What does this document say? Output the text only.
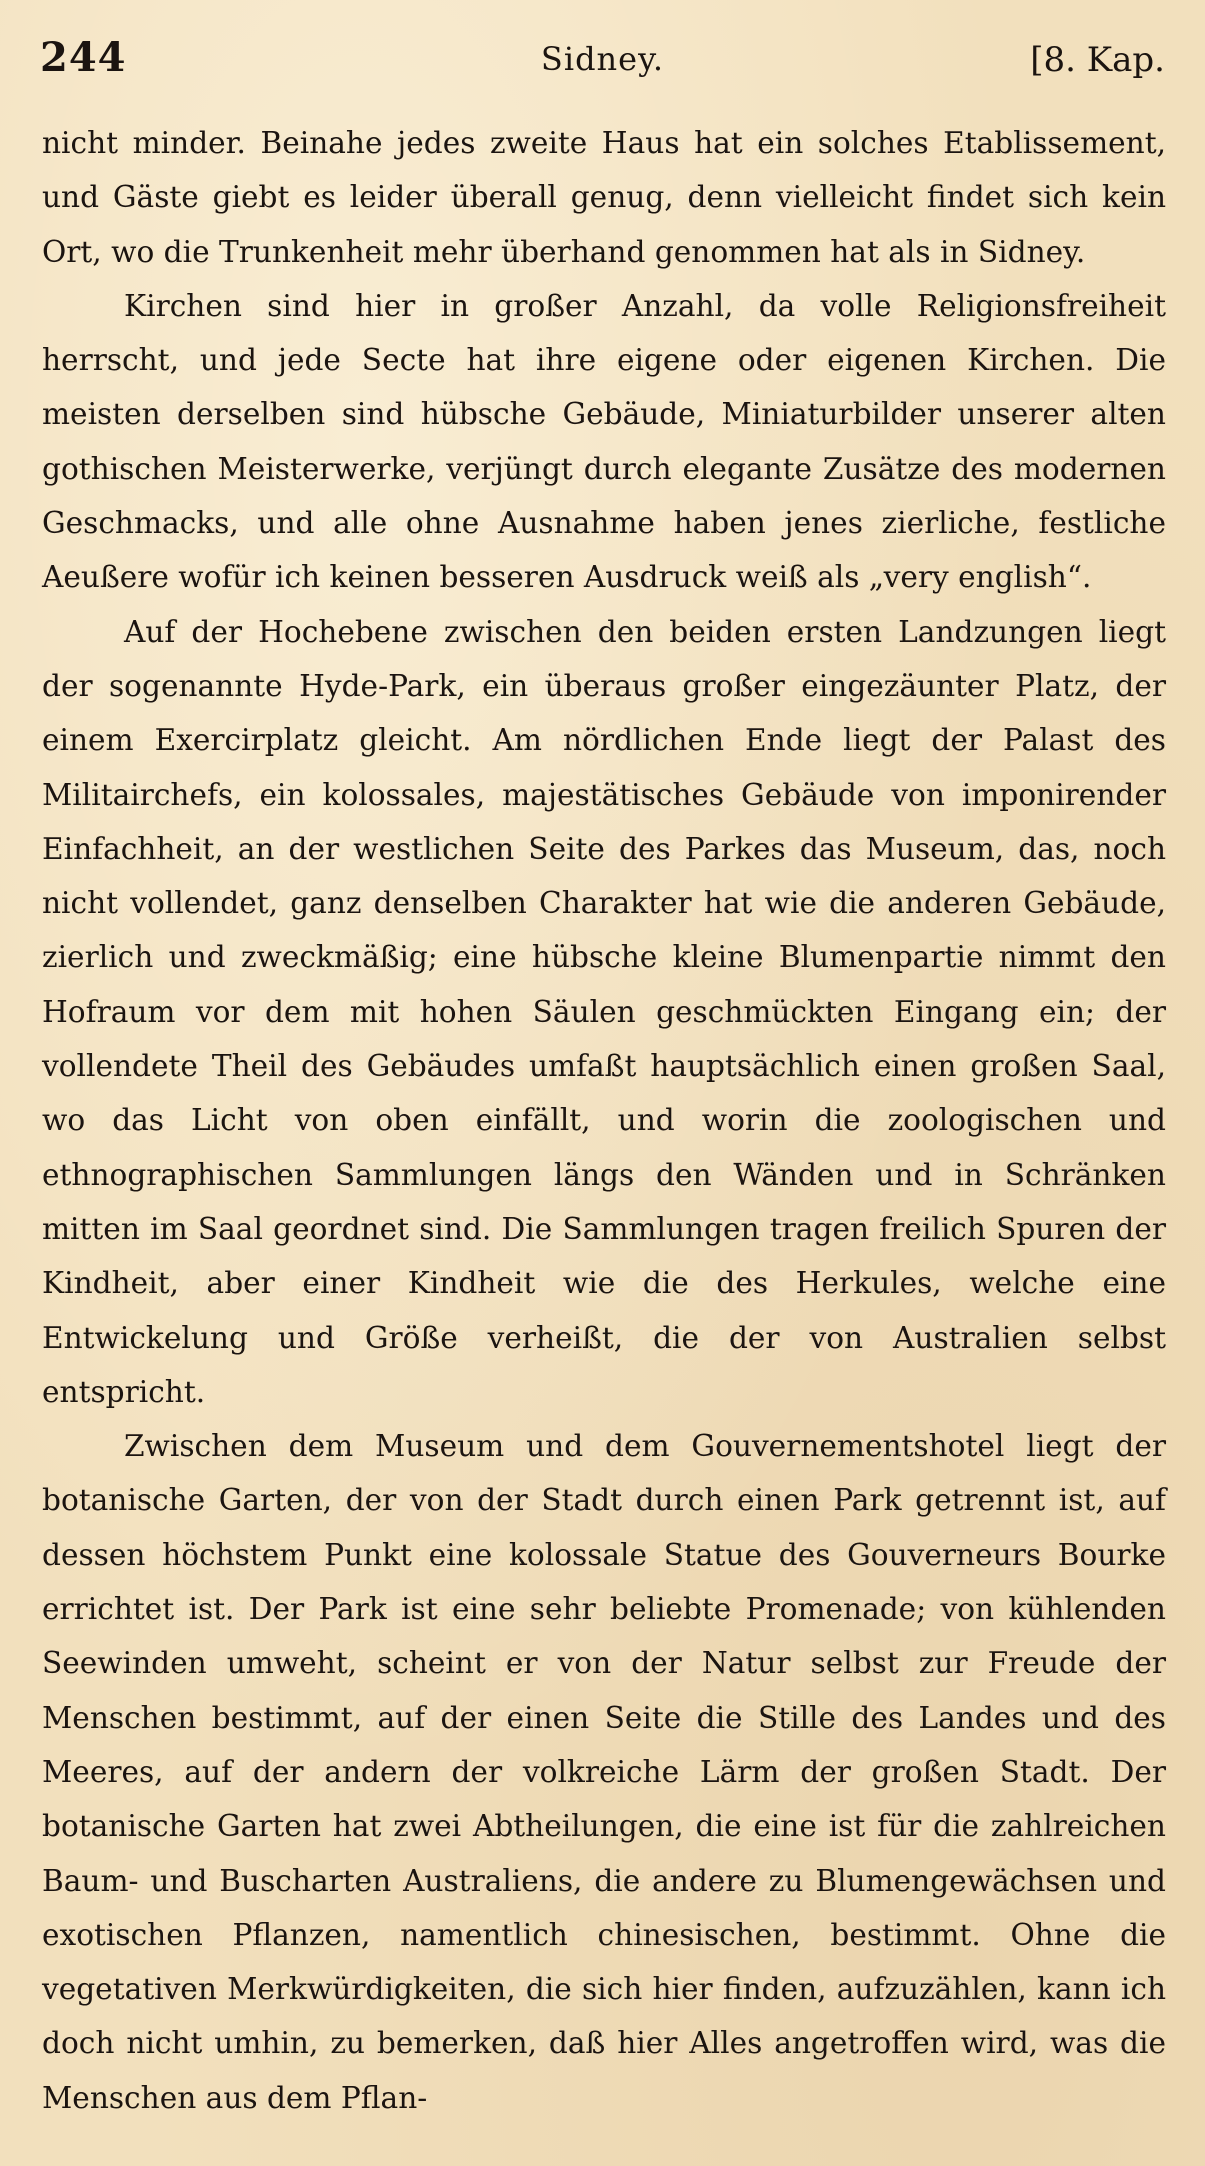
244	Sidney.	[8. Kap.

nicht minder. Beinahe jedes zweite Haus hat ein solches Etablissement, und Gäste giebt es leider überall genug, denn vielleicht findet sich kein Ort, wo die Trunkenheit mehr überhand genommen hat als in Sidney.

Kirchen sind hier in großer Anzahl, da volle Religionsfreiheit herrscht, und jede Secte hat ihre eigene oder eigenen Kirchen. Die meisten derselben sind hübsche Gebäude, Miniaturbilder unserer alten gothischen Meisterwerke, verjüngt durch elegante Zusätze des modernen Geschmacks, und alle ohne Ausnahme haben jenes zierliche, festliche Aeußere wofür ich keinen besseren Ausdruck weiß als „very english“.

Auf der Hochebene zwischen den beiden ersten Landzungen liegt der sogenannte Hyde-Park, ein überaus großer eingezäunter Platz, der einem Exercirplatz gleicht. Am nördlichen Ende liegt der Palast des Militairchefs, ein kolossales, majestätisches Gebäude von imponirender Einfachheit, an der westlichen Seite des Parkes das Museum, das, noch nicht vollendet, ganz denselben Charakter hat wie die anderen Gebäude, zierlich und zweckmäßig; eine hübsche kleine Blumenpartie nimmt den Hofraum vor dem mit hohen Säulen geschmückten Eingang ein; der vollendete Theil des Gebäudes umfaßt hauptsächlich einen großen Saal, wo das Licht von oben einfällt, und worin die zoologischen und ethnographischen Sammlungen längs den Wänden und in Schränken mitten im Saal geordnet sind. Die Sammlungen tragen freilich Spuren der Kindheit, aber einer Kindheit wie die des Herkules, welche eine Entwickelung und Größe verheißt, die der von Australien selbst entspricht.

Zwischen dem Museum und dem Gouvernementshotel liegt der botanische Garten, der von der Stadt durch einen Park getrennt ist, auf dessen höchstem Punkt eine kolossale Statue des Gouverneurs Bourke errichtet ist. Der Park ist eine sehr beliebte Promenade; von kühlenden Seewinden umweht, scheint er von der Natur selbst zur Freude der Menschen bestimmt, auf der einen Seite die Stille des Landes und des Meeres, auf der andern der volkreiche Lärm der großen Stadt. Der botanische Garten hat zwei Abtheilungen, die eine ist für die zahlreichen Baum- und Buscharten Australiens, die andere zu Blumengewächsen und exotischen Pflanzen, namentlich chinesischen, bestimmt. Ohne die vegetativen Merkwürdigkeiten, die sich hier finden, aufzuzählen, kann ich doch nicht umhin, zu bemerken, daß hier Alles angetroffen wird, was die Menschen aus dem Pflan-
